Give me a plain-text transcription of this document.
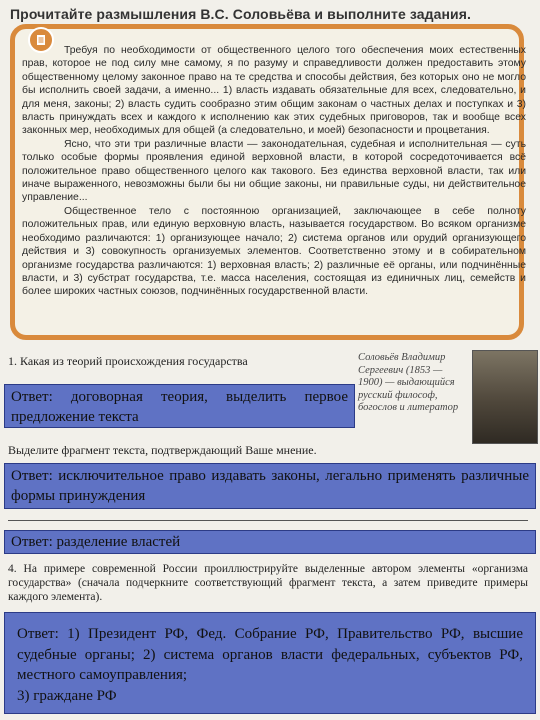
Прочитайте размышления В.С. Соловьёва и выполните задания.

Требуя по необходимости от общественного целого того обеспечения моих естественных прав, которое не под силу мне самому, я по разуму и справедливости должен предоставить этому общественному целому законное право на те средства и способы действия, без которых оно не могло бы исполнить своей задачи, а именно... 1) власть издавать обязательные для всех, следовательно, и для меня, законы; 2) власть судить сообразно этим общим законам о частных делах и поступках и 3) власть принуждать всех и каждого к исполнению как этих судебных приговоров, так и вообще всех законных мер, необходимых для общей (а следовательно, и моей) безопасности и процветания.

Ясно, что эти три различные власти — законодательная, судебная и исполнительная — суть только особые формы проявления единой верховной власти, в которой сосредоточивается всё положительное право общественного целого как такового. Без единства верховной власти, так или иначе выраженного, невозможны были бы ни общие законы, ни правильные суды, ни действительное управление...

Общественное тело с постоянною организацией, заключающее в себе полноту положительных прав, или единую верховную власть, называется государством. Во всяком организме необходимо различаются: 1) организующее начало; 2) система органов или орудий организующего действия и 3) совокупность организуемых элементов. Соответственно этому и в собирательном организме государства различаются: 1) верховная власть; 2) различные её органы, или подчинённые власти, и 3) субстрат государства, т.е. масса населения, состоящая из единичных лиц, семейств и более широких частных союзов, подчинённых государственной власти.

1. Какая из теорий происхождения государства	Соловьёв Владимир Сергеевич (1853 — 1900) — выдающийся русский философ, богослов и литератор
Ответ: договорная теория, выделить первое предложение текста
Выделите фрагмент текста, подтверждающий Ваше мнение.
Ответ: исключительное право издавать законы, легально применять различные формы принуждения
Ответ: разделение властей
4. На примере современной России проиллюстрируйте выделенные автором элементы «организма государства» (сначала подчеркните соответствующий фрагмент текста, а затем приведите примеры каждого элемента).
Ответ: 1) Президент РФ, Фед. Собрание РФ, Правительство РФ, высшие судебные органы; 2) система органов власти федеральных, субъектов РФ, местного самоуправления;
3) граждане РФ
